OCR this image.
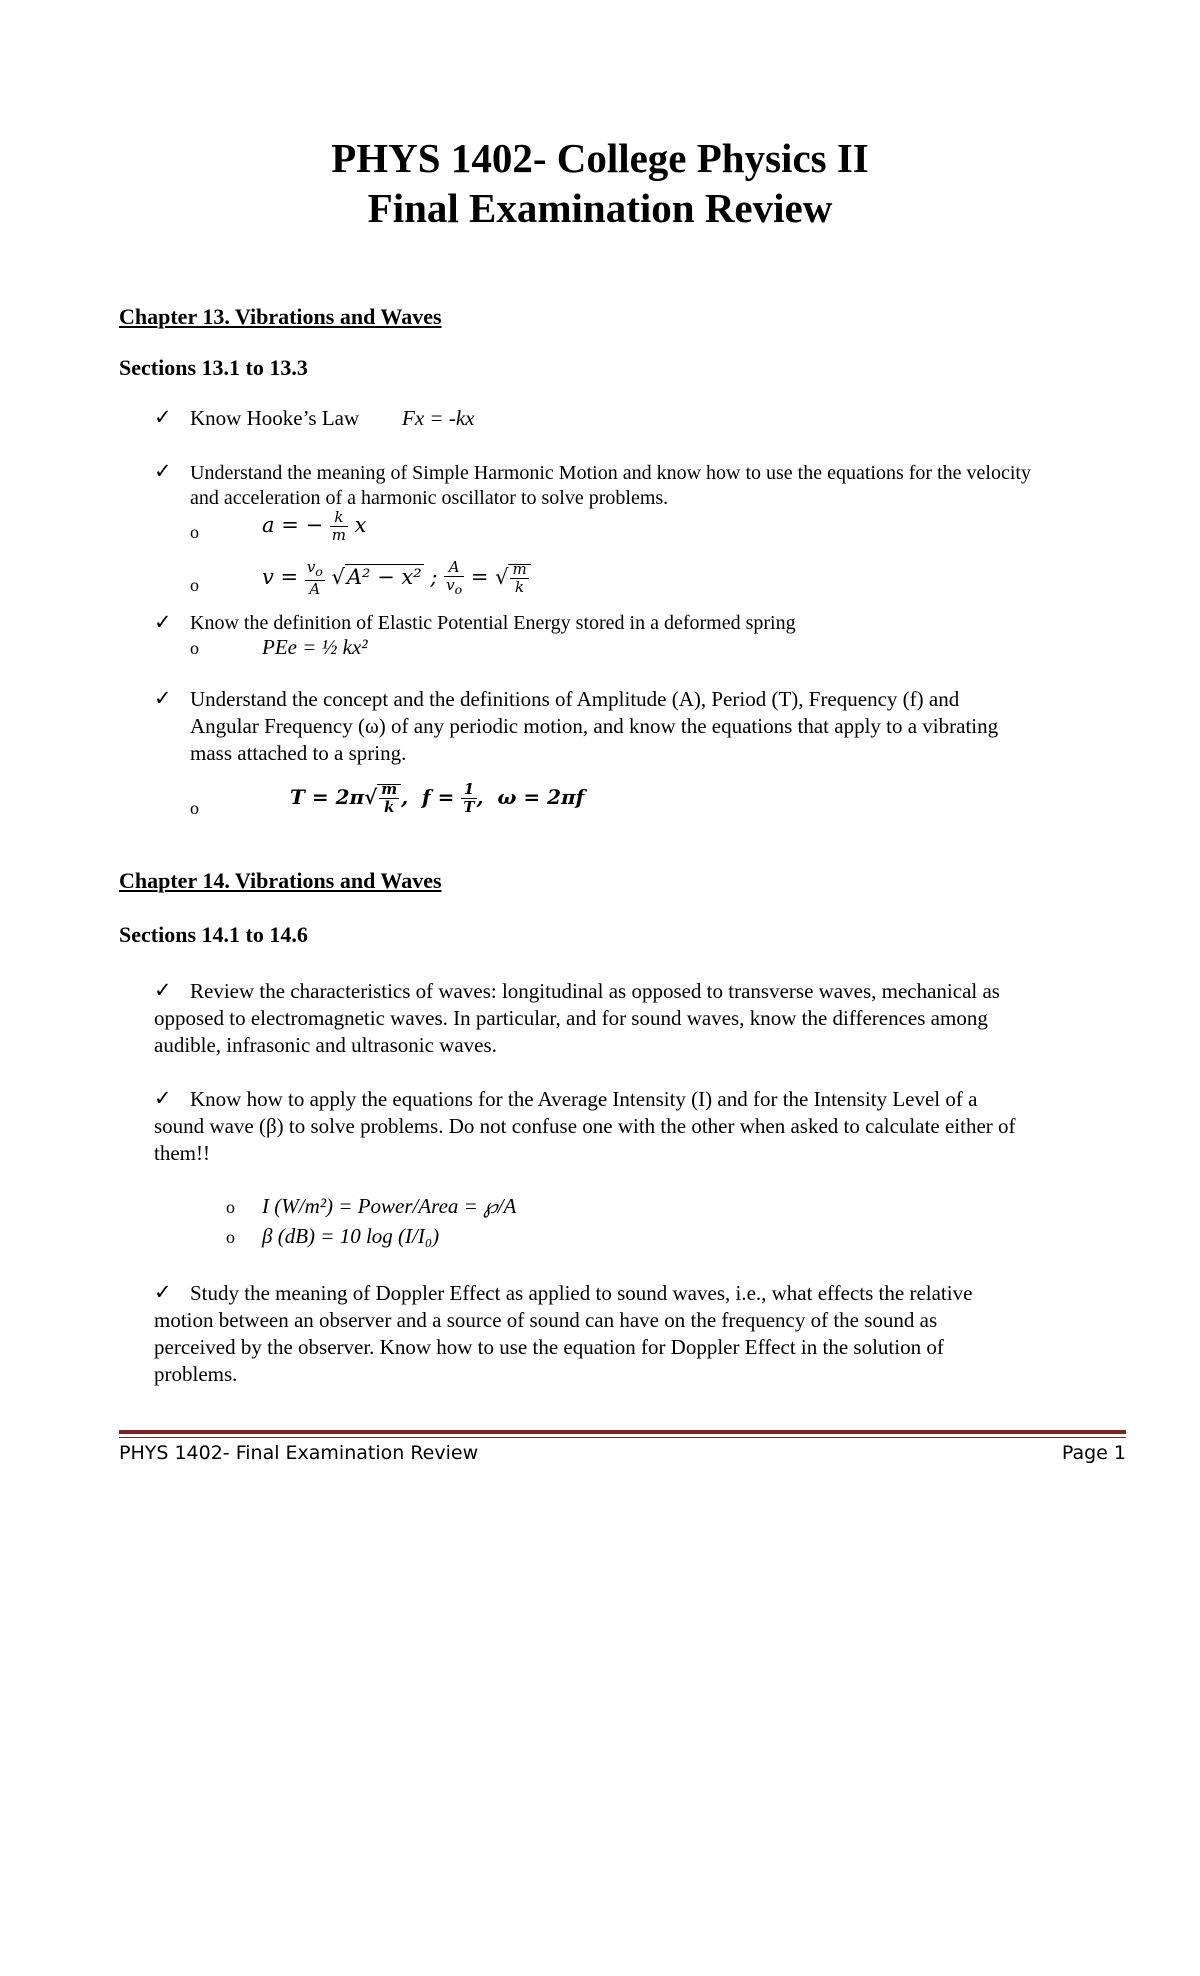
PHYS 1402- College Physics II
Final Examination Review
Chapter 13. Vibrations and Waves
Sections 13.1 to 13.3
✓ Know Hooke’s Law Fx = -kx
✓ Understand the meaning of Simple Harmonic Motion and know how to use the equations for the velocity
and acceleration of a harmonic oscillator to solve problems.
o	a = − $\frac{k}{m}$ x
o	$v = \frac{v_o}{A} √A^2 - x^2$ ; $\frac{A}{v_o}$ = √ $\frac{m}{k}$
✓ Know the definition of Elastic Potential Energy stored in a deformed spring
o	PEe = ½ kx²
✓ Understand the concept and the definitions of Amplitude (A), Period (T), Frequency (f) and
Angular Frequency (ω) of any periodic motion, and know the equations that apply to a vibrating
mass attached to a spring.
o	$T = 2\pi√ \frac{m}{k}$ ,  $f = \frac{1}{T}$ ,  ω = 2πf
Chapter 14. Vibrations and Waves
Sections 14.1 to 14.6
✓ Review the characteristics of waves: longitudinal as opposed to transverse waves, mechanical as
opposed to electromagnetic waves. In particular, and for sound waves, know the differences among
audible, infrasonic and ultrasonic waves.
✓ Know how to apply the equations for the Average Intensity (I) and for the Intensity Level of a
sound wave (β) to solve problems. Do not confuse one with the other when asked to calculate either of
them!!
o I (W/m²) = Power/Area = ℘/A
o β (dB) = 10 log (I/I₀)
✓ Study the meaning of Doppler Effect as applied to sound waves, i.e., what effects the relative
motion between an observer and a source of sound can have on the frequency of the sound as
perceived by the observer. Know how to use the equation for Doppler Effect in the solution of
problems.
PHYS 1402- Final Examination Review	Page 1
